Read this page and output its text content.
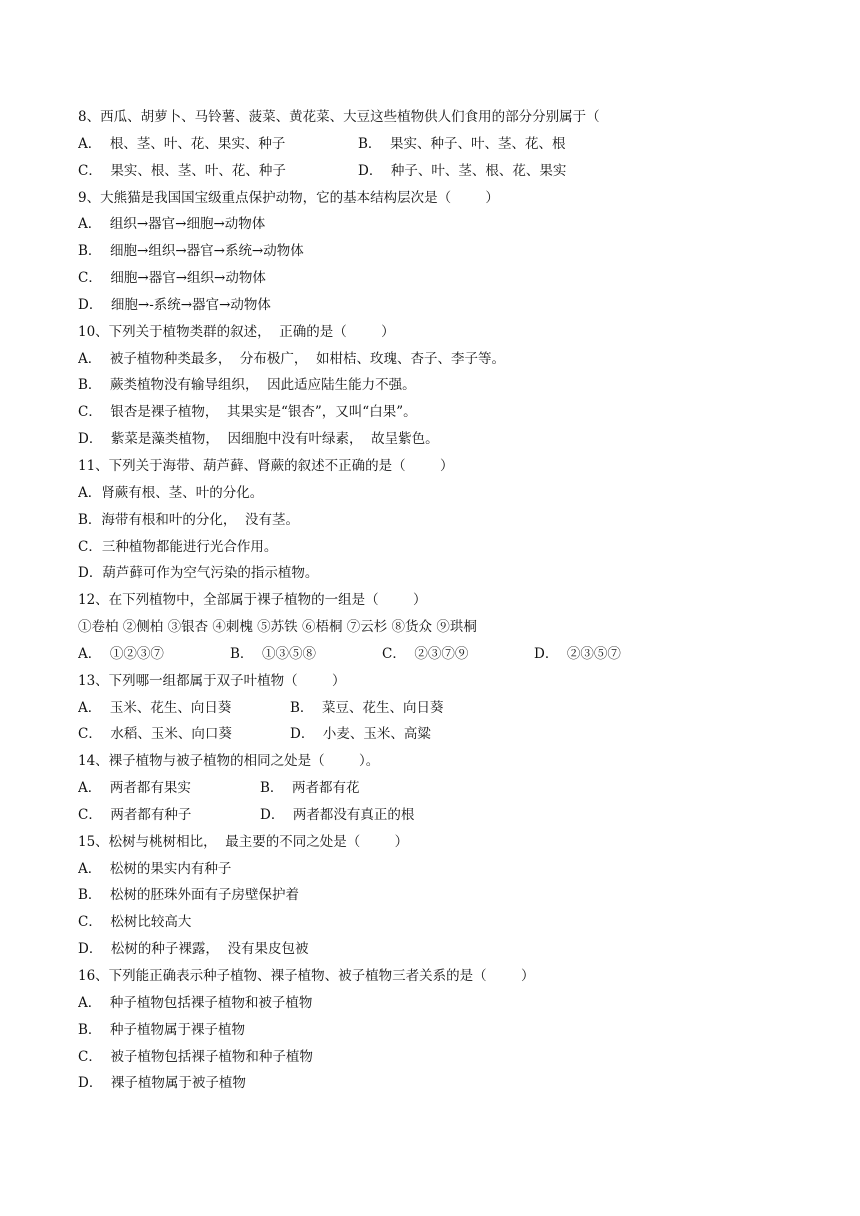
8、西瓜、胡萝卜、马铃薯、菠菜、黄花菜、大豆这些植物供人们食用的部分分别属于（
A．  根、茎、叶、花、果实、种子	B．  果实、种子、叶、茎、花、根
C．  果实、根、茎、叶、花、种子	D．  种子、叶、茎、根、花、果实
9、大熊猫是我国国宝级重点保护动物，它的基本结构层次是（        ）
A．  组织→器官→细胞→动物体
B．  细胞→组织→器官→系统→动物体
C．  细胞→器官→组织→动物体
D．  细胞→-系统→器官→动物体
10、下列关于植物类群的叙述，  正确的是（        ）
A．  被子植物种类最多，  分布极广，  如柑桔、玫瑰、杏子、李子等。
B．  蕨类植物没有输导组织，  因此适应陆生能力不强。
C．  银杏是裸子植物，  其果实是“银杏”，又叫“白果”。
D．  紫菜是藻类植物，  因细胞中没有叶绿素，  故呈紫色。
11、下列关于海带、葫芦藓、肾蕨的叙述不正确的是（        ）
A．肾蕨有根、茎、叶的分化。
B．海带有根和叶的分化，  没有茎。
C．三种植物都能进行光合作用。
D．葫芦藓可作为空气污染的指示植物。
12、在下列植物中，全部属于裸子植物的一组是（        ）
①卷柏 ②侧柏 ③银杏 ④刺槐 ⑤苏铁 ⑥梧桐 ⑦云杉 ⑧货众 ⑨珙桐
A．  ①②③⑦	B．  ①③⑤⑧	C．  ②③⑦⑨	D．  ②③⑤⑦
13、下列哪一组都属于双子叶植物（        ）
A．  玉米、花生、向日葵	B．  菜豆、花生、向日葵
C．  水稻、玉米、向口葵	D．  小麦、玉米、高粱
14、裸子植物与被子植物的相同之处是（        ）。
A．  两者都有果实	B．  两者都有花
C．  两者都有种子	D．  两者都没有真正的根
15、松树与桃树相比，  最主要的不同之处是（        ）
A．  松树的果实内有种子
B．  松树的胚珠外面有子房壁保护着
C．  松树比较高大
D．  松树的种子裸露，  没有果皮包被
16、下列能正确表示种子植物、裸子植物、被子植物三者关系的是（        ）
A．  种子植物包括裸子植物和被子植物
B．  种子植物属于裸子植物
C．  被子植物包括裸子植物和种子植物
D．  裸子植物属于被子植物
